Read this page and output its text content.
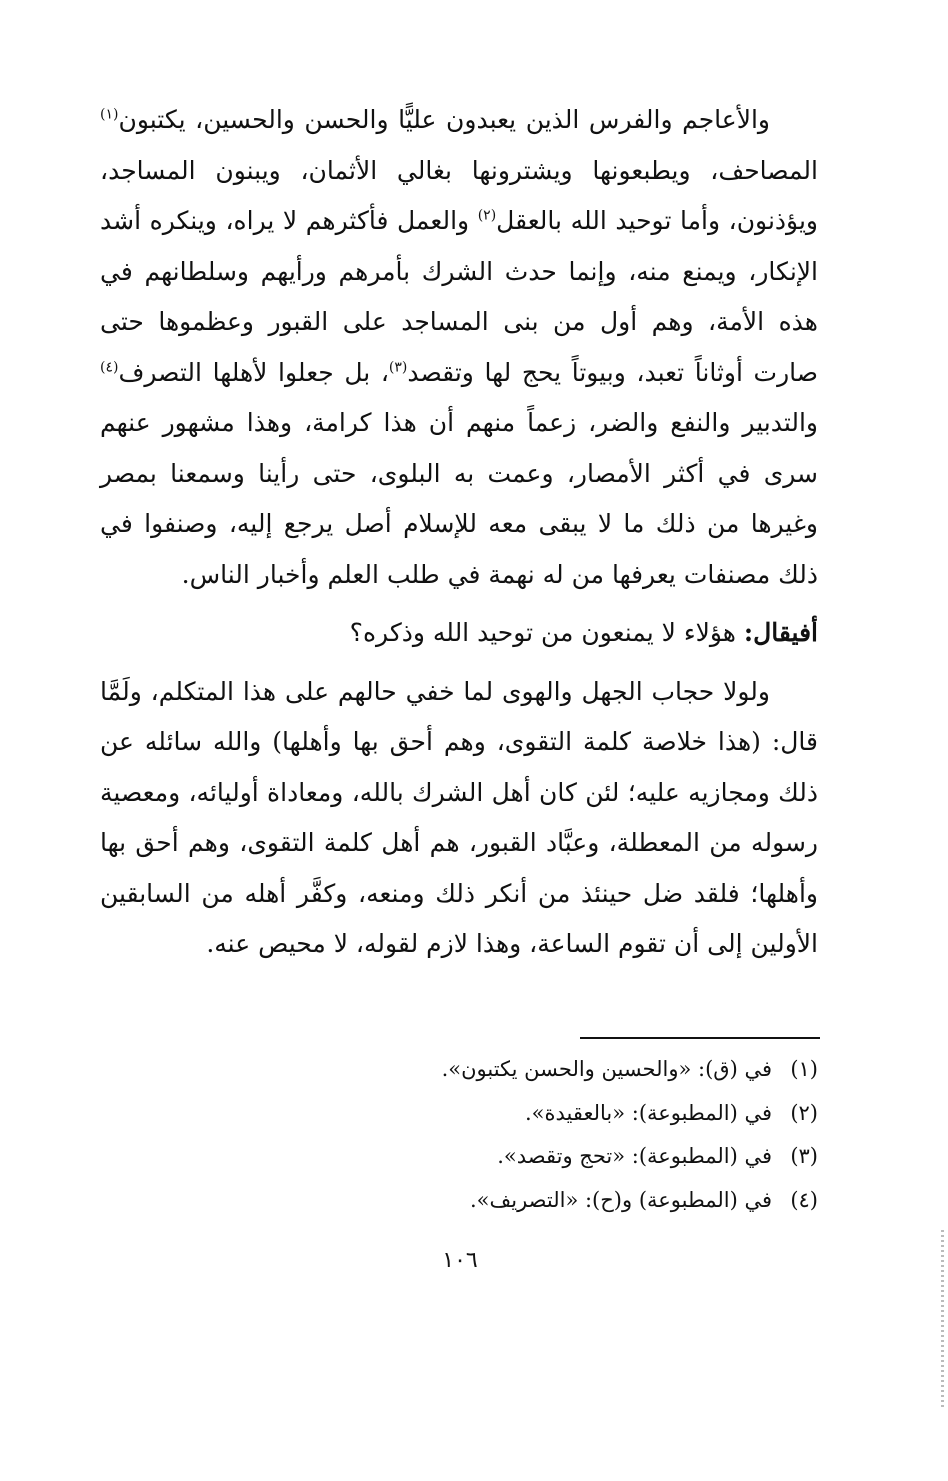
والأعاجم والفرس الذين يعبدون عليًّا والحسن والحسين، يكتبون$^{(١)}$ المصاحف، ويطبعونها ويشترونها بغالي الأثمان، ويبنون المساجد، ويؤذنون، وأما توحيد الله بالعقل$^{(٢)}$ والعمل فأكثرهم لا يراه، وينكره أشد الإنكار، ويمنع منه، وإنما حدث الشرك بأمرهم ورأيهم وسلطانهم في هذه الأمة، وهم أول من بنى المساجد على القبور وعظموها حتى صارت أوثاناً تعبد، وبيوتاً يحج لها وتقصد$^{(٣)}$، بل جعلوا لأهلها التصرف$^{(٤)}$ والتدبير والنفع والضر، زعماً منهم أن هذا كرامة، وهذا مشهور عنهم سرى في أكثر الأمصار، وعمت به البلوى، حتى رأينا وسمعنا بمصر وغيرها من ذلك ما لا يبقى معه للإسلام أصل يرجع إليه، وصنفوا في ذلك مصنفات يعرفها من له نهمة في طلب العلم وأخبار الناس.

أفيقال: هؤلاء لا يمنعون من توحيد الله وذكره؟

ولولا حجاب الجهل والهوى لما خفي حالهم على هذا المتكلم، ولَمَّا قال: (هذا خلاصة كلمة التقوى، وهم أحق بها وأهلها) والله سائله عن ذلك ومجازيه عليه؛ لئن كان أهل الشرك بالله، ومعاداة أوليائه، ومعصية رسوله من المعطلة، وعبَّاد القبور، هم أهل كلمة التقوى، وهم أحق بها وأهلها؛ فلقد ضل حينئذ من أنكر ذلك ومنعه، وكفَّر أهله من السابقين الأولين إلى أن تقوم الساعة، وهذا لازم لقوله، لا محيص عنه.

(١)في (ق): «والحسين والحسن يكتبون».
(٢)في (المطبوعة): «بالعقيدة».
(٣)في (المطبوعة): «تحج وتقصد».
(٤)في (المطبوعة) و(ح): «التصريف».
١٠٦
